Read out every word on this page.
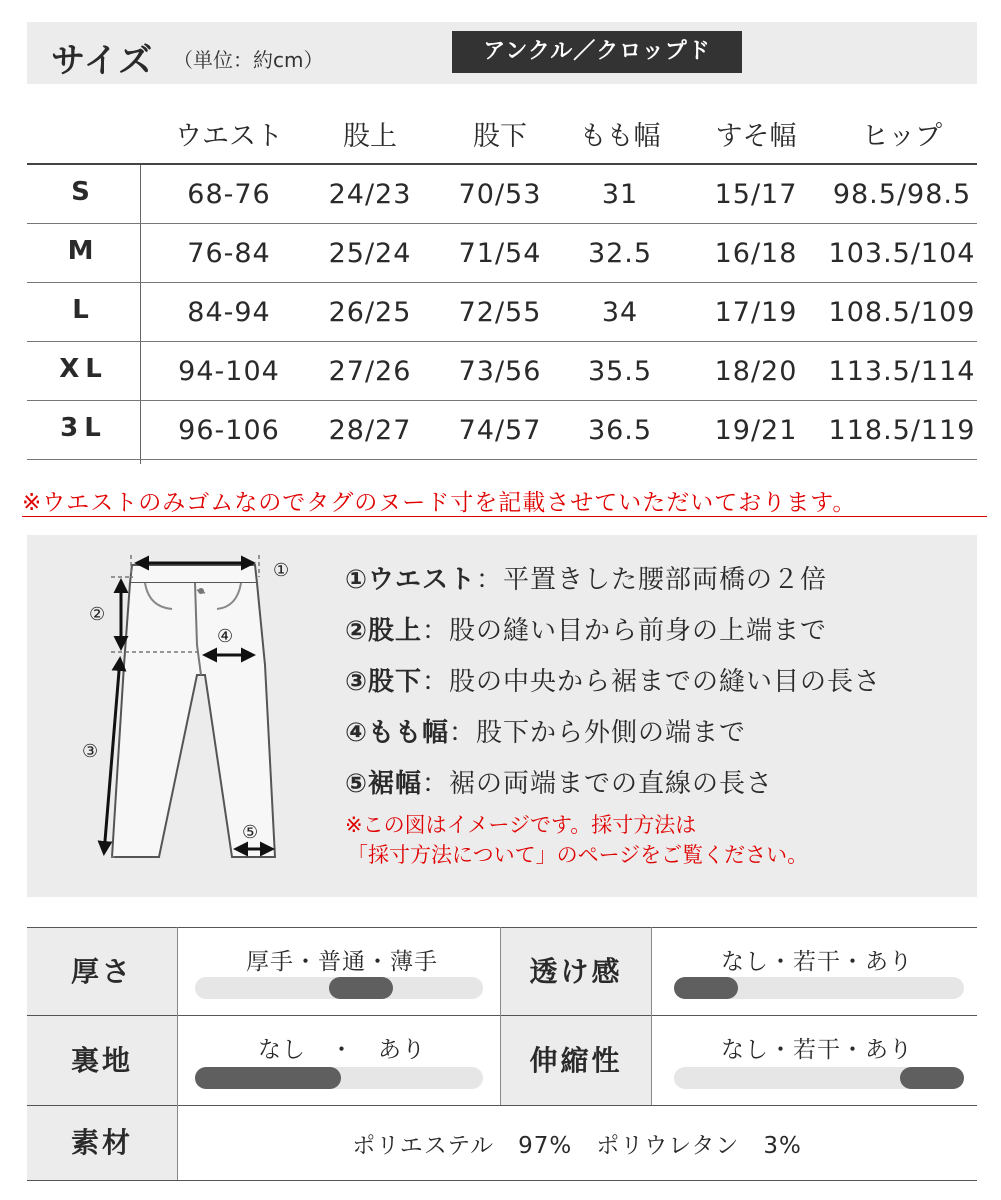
サイズ （単位：約cm）	アンクル／クロップド
ウエスト	股上	股下	もも幅	すそ幅	ヒップ
S	68-76	24/23	70/53	31	15/17	98.5/98.5
M	76-84	25/24	71/54	32.5	16/18	103.5/104
L	84-94	26/25	72/55	34	17/19	108.5/109
XL	94-104	27/26	73/56	35.5	18/20	113.5/114
3L	96-106	28/27	74/57	36.5	19/21	118.5/119
※ウエストのみゴムなのでタグのヌード寸を記載させていただいております。
①
②
③
④
⑤
①ウエスト：平置きした腰部両橋の２倍
②股上：股の縫い目から前身の上端まで
③股下：股の中央から裾までの縫い目の長さ
④もも幅：股下から外側の端まで
⑤裾幅：裾の両端までの直線の長さ
※この図はイメージです。採寸方法は
「採寸方法について」のページをご覧ください。
厚さ	厚手・普通・薄手	透け感	なし・若干・あり
裏地	なし　・　あり	伸縮性	なし・若干・あり
素材	ポリエステル　97%　ポリウレタン　3%
